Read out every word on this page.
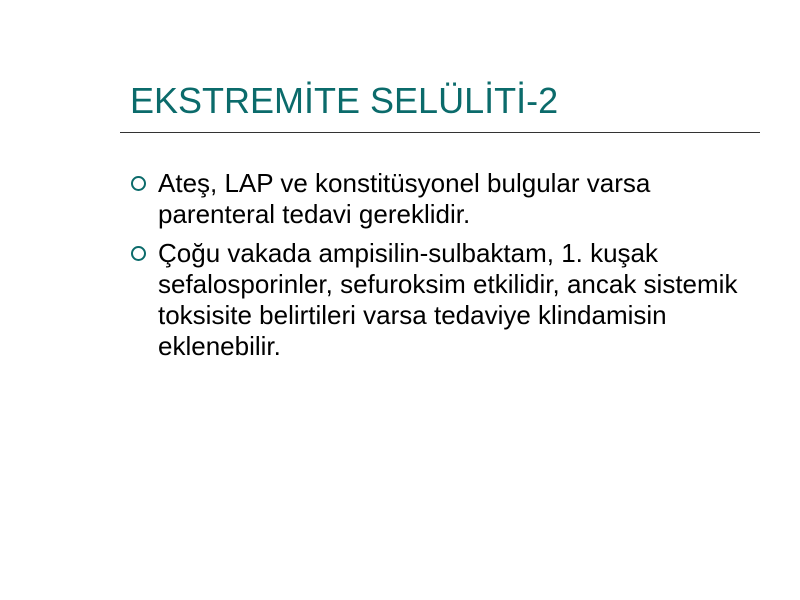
EKSTREMİTE SELÜLİTİ-2
Ateş, LAP ve konstitüsyonel bulgular varsa parenteral tedavi gereklidir.
Çoğu vakada ampisilin-sulbaktam, 1. kuşak sefalosporinler, sefuroksim etkilidir, ancak sistemik toksisite belirtileri varsa tedaviye klindamisin eklenebilir.
